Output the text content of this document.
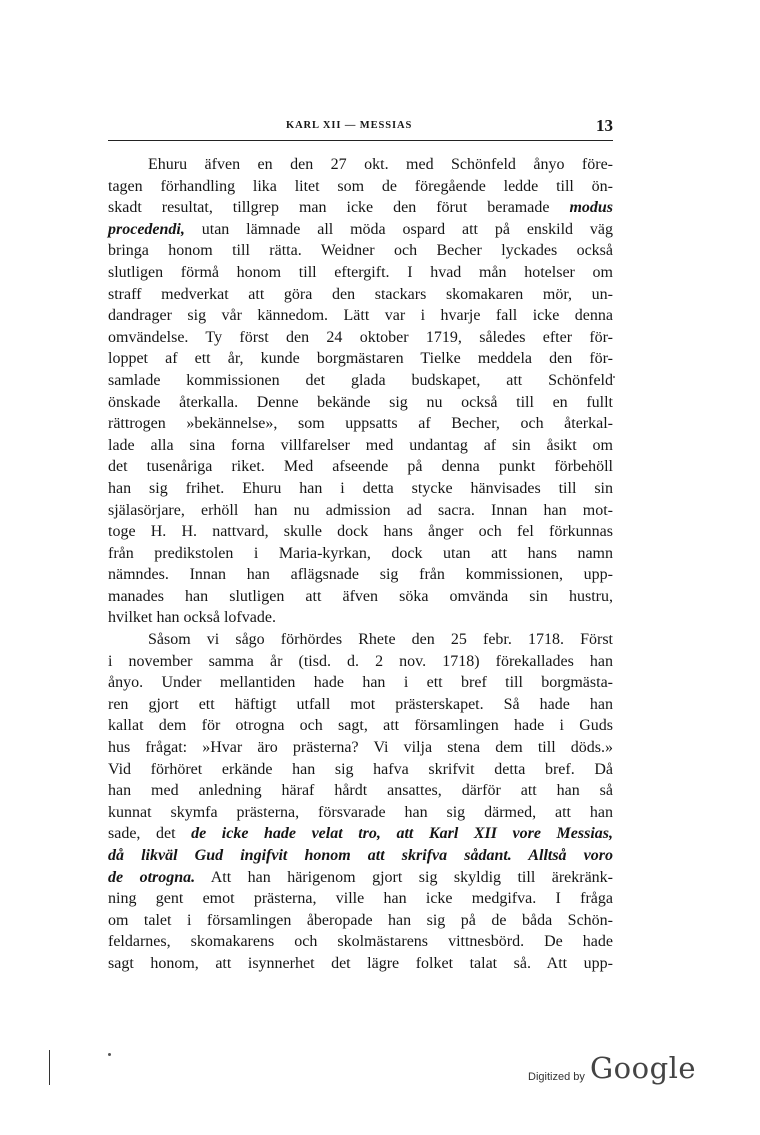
KARL XII — MESSIAS	13
Ehuru äfven en den 27 okt. med Schönfeld ånyo före-
tagen förhandling lika litet som de föregående ledde till ön-
skadt resultat, tillgrep man icke den förut beramade modus
procedendi, utan lämnade all möda ospard att på enskild väg
bringa honom till rätta. Weidner och Becher lyckades också
slutligen förmå honom till eftergift. I hvad mån hotelser om
straff medverkat att göra den stackars skomakaren mör, un-
dandrager sig vår kännedom. Lätt var i hvarje fall icke denna
omvändelse. Ty först den 24 oktober 1719, således efter för-
loppet af ett år, kunde borgmästaren Tielke meddela den för-
samlade kommissionen det glada budskapet, att Schönfeld
önskade återkalla. Denne bekände sig nu också till en fullt
rättrogen »bekännelse», som uppsatts af Becher, och återkal-
lade alla sina forna villfarelser med undantag af sin åsikt om
det tusenåriga riket. Med afseende på denna punkt förbehöll
han sig frihet. Ehuru han i detta stycke hänvisades till sin
själasörjare, erhöll han nu admission ad sacra. Innan han mot-
toge H. H. nattvard, skulle dock hans ånger och fel förkunnas
från predikstolen i Maria-kyrkan, dock utan att hans namn
nämndes. Innan han aflägsnade sig från kommissionen, upp-
manades han slutligen att äfven söka omvända sin hustru,
hvilket han också lofvade.
Såsom vi sågo förhördes Rhete den 25 febr. 1718. Först
i november samma år (tisd. d. 2 nov. 1718) förekallades han
ånyo. Under mellantiden hade han i ett bref till borgmästa-
ren gjort ett häftigt utfall mot prästerskapet. Så hade han
kallat dem för otrogna och sagt, att församlingen hade i Guds
hus frågat: »Hvar äro prästerna? Vi vilja stena dem till döds.»
Vid förhöret erkände han sig hafva skrifvit detta bref. Då
han med anledning häraf hårdt ansattes, därför att han så
kunnat skymfa prästerna, försvarade han sig därmed, att han
sade, det de icke hade velat tro, att Karl XII vore Messias,
då likväl Gud ingifvit honom att skrifva sådant. Alltså voro
de otrogna. Att han härigenom gjort sig skyldig till ärekränk-
ning gent emot prästerna, ville han icke medgifva. I fråga
om talet i församlingen åberopade han sig på de båda Schön-
feldarnes, skomakarens och skolmästarens vittnesbörd. De hade
sagt honom, att isynnerhet det lägre folket talat så. Att upp-
Digitized by Google
